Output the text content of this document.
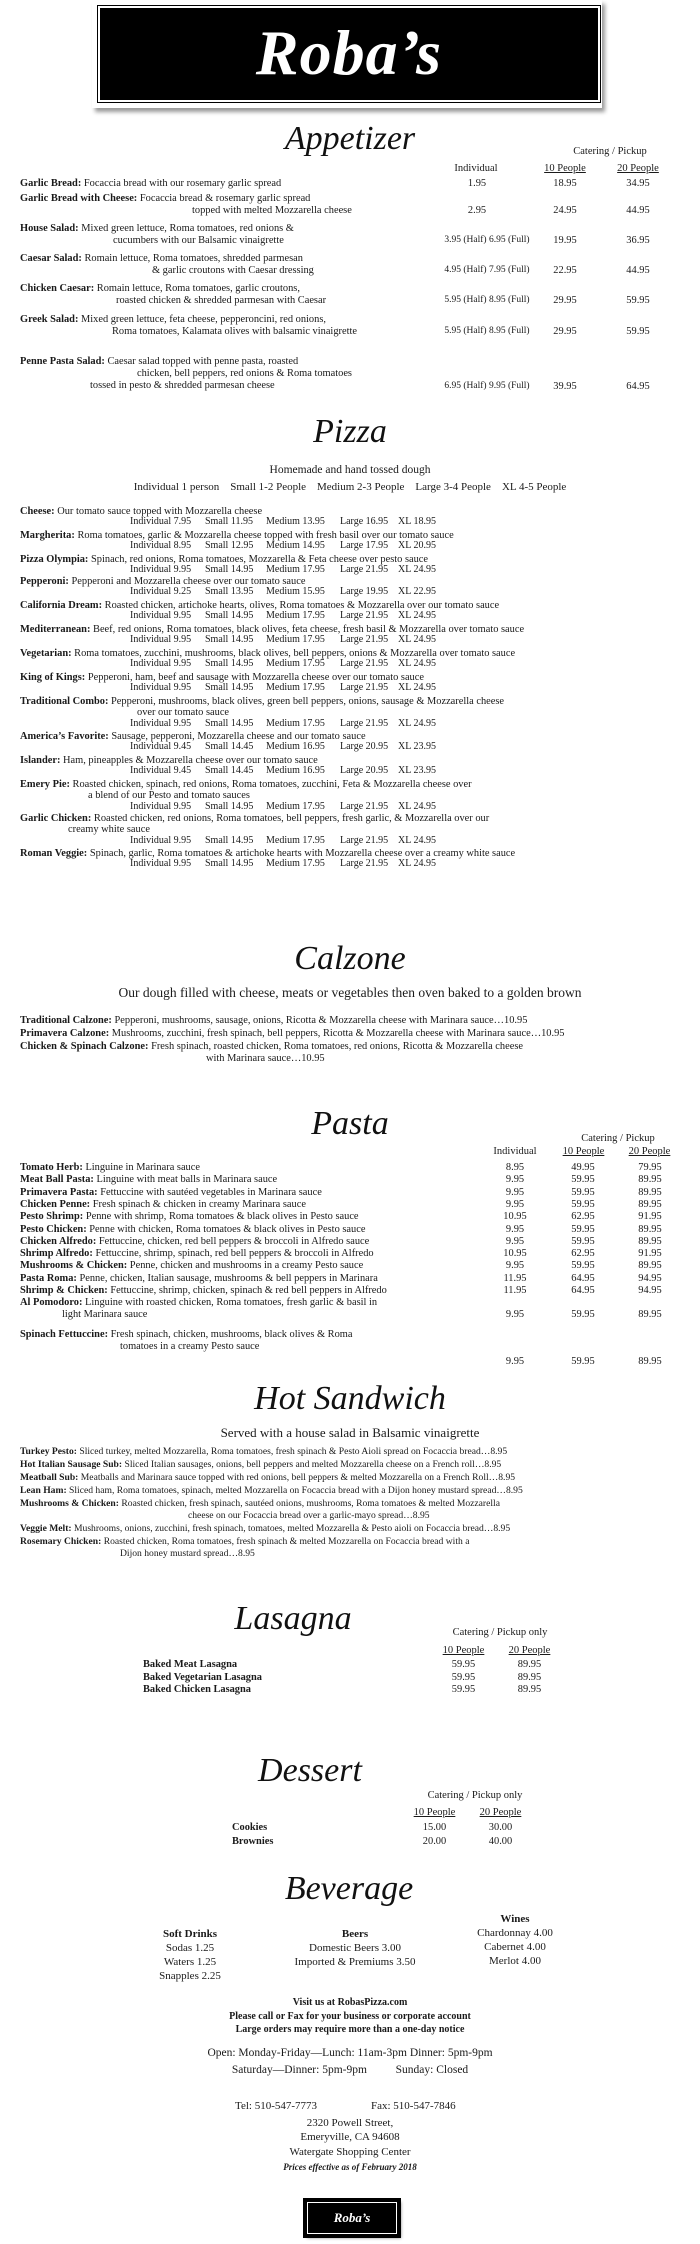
Roba’s
Appetizer
Individual
Catering / Pickup
10 People	20 People
Garlic Bread: Focaccia bread with our rosemary garlic spread	1.95	18.95	34.95
Garlic Bread with Cheese: Focaccia bread & rosemary garlic spread
topped with melted Mozzarella cheese	2.95	24.95	44.95
House Salad: Mixed green lettuce, Roma tomatoes, red onions &
cucumbers with our Balsamic vinaigrette	3.95 (Half) 6.95 (Full)	19.95	36.95
Caesar Salad: Romain lettuce, Roma tomatoes, shredded parmesan
& garlic croutons with Caesar dressing	4.95 (Half) 7.95 (Full)	22.95	44.95
Chicken Caesar: Romain lettuce, Roma tomatoes, garlic croutons,
roasted chicken & shredded parmesan with Caesar	5.95 (Half) 8.95 (Full)	29.95	59.95
Greek Salad: Mixed green lettuce, feta cheese, pepperoncini, red onions,
Roma tomatoes, Kalamata olives with balsamic vinaigrette	5.95 (Half) 8.95 (Full)	29.95	59.95
Penne Pasta Salad: Caesar salad topped with penne pasta, roasted
chicken, bell peppers, red onions & Roma tomatoes
tossed in pesto & shredded parmesan cheese	6.95 (Half) 9.95 (Full)	39.95	64.95
Pizza
Homemade and hand tossed dough
Individual 1 person    Small 1-2 People    Medium 2-3 People    Large 3-4 People    XL 4-5 People
Cheese: Our tomato sauce topped with Mozzarella cheese
Individual 7.95 Small 11.95 Medium 13.95 Large 16.95 XL 18.95
Margherita: Roma tomatoes, garlic & Mozzarella cheese topped with fresh basil over our tomato sauce
Individual 8.95 Small 12.95 Medium 14.95 Large 17.95 XL 20.95
Pizza Olympia: Spinach, red onions, Roma tomatoes, Mozzarella & Feta cheese over pesto sauce
Individual 9.95 Small 14.95 Medium 17.95 Large 21.95 XL 24.95
Pepperoni: Pepperoni and Mozzarella cheese over our tomato sauce
Individual 9.25 Small 13.95 Medium 15.95 Large 19.95 XL 22.95
California Dream: Roasted chicken, artichoke hearts, olives, Roma tomatoes & Mozzarella over our tomato sauce
Individual 9.95 Small 14.95 Medium 17.95 Large 21.95 XL 24.95
Mediterranean: Beef, red onions, Roma tomatoes, black olives, feta cheese, fresh basil & Mozzarella over tomato sauce
Individual 9.95 Small 14.95 Medium 17.95 Large 21.95 XL 24.95
Vegetarian: Roma tomatoes, zucchini, mushrooms, black olives, bell peppers, onions & Mozzarella over tomato sauce
Individual 9.95 Small 14.95 Medium 17.95 Large 21.95 XL 24.95
King of Kings: Pepperoni, ham, beef and sausage with Mozzarella cheese over our tomato sauce
Individual 9.95 Small 14.95 Medium 17.95 Large 21.95 XL 24.95
Traditional Combo: Pepperoni, mushrooms, black olives, green bell peppers, onions, sausage & Mozzarella cheese
over our tomato sauce
Individual 9.95 Small 14.95 Medium 17.95 Large 21.95 XL 24.95
America’s Favorite: Sausage, pepperoni, Mozzarella cheese and our tomato sauce
Individual 9.45 Small 14.45 Medium 16.95 Large 20.95 XL 23.95
Islander: Ham, pineapples & Mozzarella cheese over our tomato sauce
Individual 9.45 Small 14.45 Medium 16.95 Large 20.95 XL 23.95
Emery Pie: Roasted chicken, spinach, red onions, Roma tomatoes, zucchini, Feta & Mozzarella cheese over
a blend of our Pesto and tomato sauces
Individual 9.95 Small 14.95 Medium 17.95 Large 21.95 XL 24.95
Garlic Chicken: Roasted chicken, red onions, Roma tomatoes, bell peppers, fresh garlic, & Mozzarella over our
creamy white sauce
Individual 9.95 Small 14.95 Medium 17.95 Large 21.95 XL 24.95
Roman Veggie: Spinach, garlic, Roma tomatoes & artichoke hearts with Mozzarella cheese over a creamy white sauce
Individual 9.95 Small 14.95 Medium 17.95 Large 21.95 XL 24.95
Calzone
Our dough filled with cheese, meats or vegetables then oven baked to a golden brown
Traditional Calzone: Pepperoni, mushrooms, sausage, onions, Ricotta & Mozzarella cheese with Marinara sauce…10.95
Primavera Calzone: Mushrooms, zucchini, fresh spinach, bell peppers, Ricotta & Mozzarella cheese with Marinara sauce…10.95
Chicken & Spinach Calzone: Fresh spinach, roasted chicken, Roma tomatoes, red onions, Ricotta & Mozzarella cheese
with Marinara sauce…10.95
Pasta
Individual
Catering / Pickup
10 People	20 People
Tomato Herb: Linguine in Marinara sauce	8.95	49.95	79.95
Meat Ball Pasta: Linguine with meat balls in Marinara sauce	9.95	59.95	89.95
Primavera Pasta: Fettuccine with sautéed vegetables in Marinara sauce	9.95	59.95	89.95
Chicken Penne: Fresh spinach & chicken in creamy Marinara sauce	9.95	59.95	89.95
Pesto Shrimp: Penne with shrimp, Roma tomatoes & black olives in Pesto sauce	10.95	62.95	91.95
Pesto Chicken: Penne with chicken, Roma tomatoes & black olives in Pesto sauce	9.95	59.95	89.95
Chicken Alfredo: Fettuccine, chicken, red bell peppers & broccoli in Alfredo sauce	9.95	59.95	89.95
Shrimp Alfredo: Fettuccine, shrimp, spinach, red bell peppers & broccoli in Alfredo	10.95	62.95	91.95
Mushrooms & Chicken: Penne, chicken and mushrooms in a creamy Pesto sauce	9.95	59.95	89.95
Pasta Roma: Penne, chicken, Italian sausage, mushrooms & bell peppers in Marinara	11.95	64.95	94.95
Shrimp & Chicken: Fettuccine, shrimp, chicken, spinach & red bell peppers in Alfredo	11.95	64.95	94.95
Al Pomodoro: Linguine with roasted chicken, Roma tomatoes, fresh garlic & basil in
light Marinara sauce	9.95	59.95	89.95
Spinach Fettuccine: Fresh spinach, chicken, mushrooms, black olives & Roma
tomatoes in a creamy Pesto sauce
9.95	59.95	89.95
Hot Sandwich
Served with a house salad in Balsamic vinaigrette
Turkey Pesto: Sliced turkey, melted Mozzarella, Roma tomatoes, fresh spinach & Pesto Aioli spread on Focaccia bread…8.95
Hot Italian Sausage Sub: Sliced Italian sausages, onions, bell peppers and melted Mozzarella cheese on a French roll…8.95
Meatball Sub: Meatballs and Marinara sauce topped with red onions, bell peppers & melted Mozzarella on a French Roll…8.95
Lean Ham: Sliced ham, Roma tomatoes, spinach, melted Mozzarella on Focaccia bread with a Dijon honey mustard spread…8.95
Mushrooms & Chicken: Roasted chicken, fresh spinach, sautéed onions, mushrooms, Roma tomatoes & melted Mozzarella
cheese on our Focaccia bread over a garlic-mayo spread…8.95
Veggie Melt: Mushrooms, onions, zucchini, fresh spinach, tomatoes, melted Mozzarella & Pesto aioli on Focaccia bread…8.95
Rosemary Chicken: Roasted chicken, Roma tomatoes, fresh spinach & melted Mozzarella on Focaccia bread with a
Dijon honey mustard spread…8.95
Lasagna	Catering / Pickup only
10 People	20 People
Baked Meat Lasagna	59.95	89.95
Baked Vegetarian Lasagna	59.95	89.95
Baked Chicken Lasagna	59.95	89.95
Dessert
Catering / Pickup only
10 People	20 People
Cookies	15.00	30.00
Brownies	20.00	40.00
Beverage
Soft Drinks
Sodas 1.25
Waters 1.25
Snapples 2.25
Beers
Domestic Beers 3.00
Imported & Premiums 3.50
Wines
Chardonnay 4.00
Cabernet 4.00
Merlot 4.00
Visit us at RobasPizza.com
Please call or Fax for your business or corporate account
Large orders may require more than a one-day notice
Open: Monday-Friday—Lunch: 11am-3pm Dinner: 5pm-9pm
Saturday—Dinner: 5pm-9pm          Sunday: Closed
Tel: 510-547-7773	Fax: 510-547-7846
2320 Powell Street,
Emeryville, CA 94608
Watergate Shopping Center
Prices effective as of February 2018
Roba’s
